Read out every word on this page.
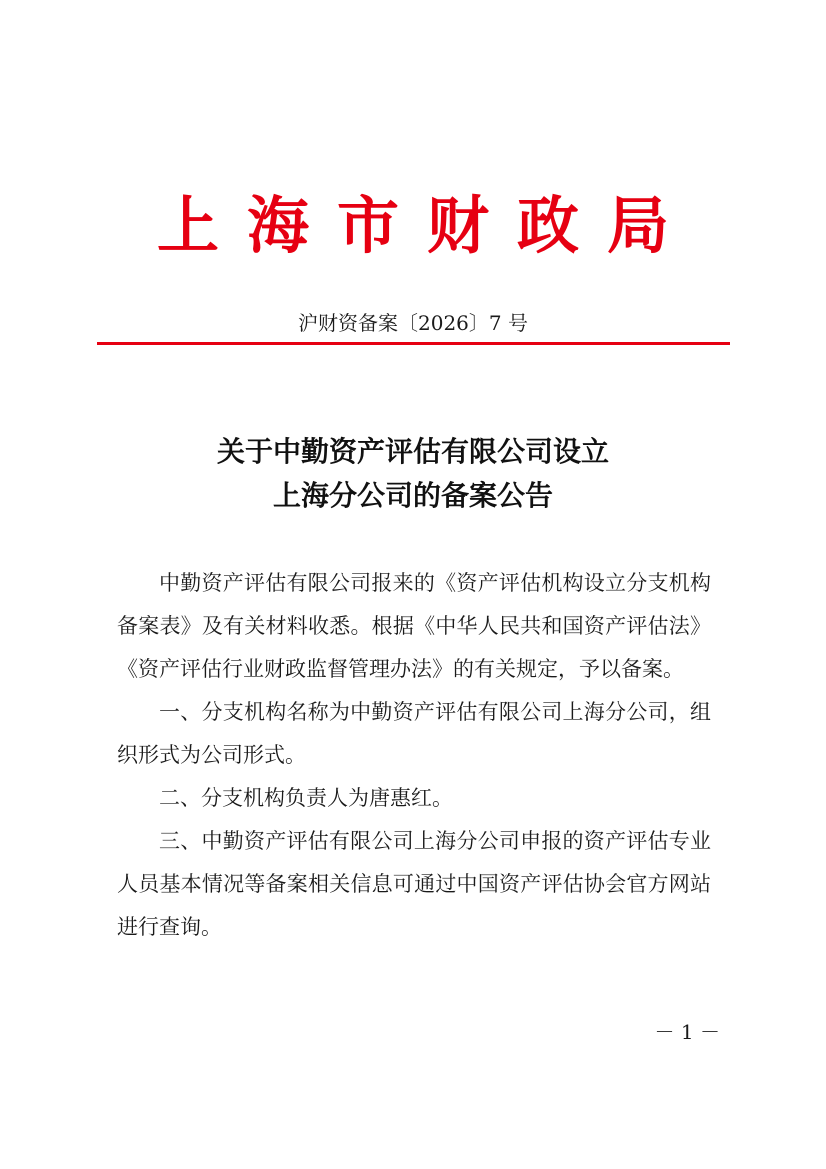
上海市财政局
沪财资备案〔2026〕7 号
关于中勤资产评估有限公司设立
上海分公司的备案公告

中勤资产评估有限公司报来的《资产评估机构设立分支机构备案表》及有关材料收悉。根据《中华人民共和国资产评估法》《资产评估行业财政监督管理办法》的有关规定，予以备案。

一、分支机构名称为中勤资产评估有限公司上海分公司，组织形式为公司形式。

二、分支机构负责人为唐惠红。

三、中勤资产评估有限公司上海分公司申报的资产评估专业人员基本情况等备案相关信息可通过中国资产评估协会官方网站进行查询。

－ 1 －
